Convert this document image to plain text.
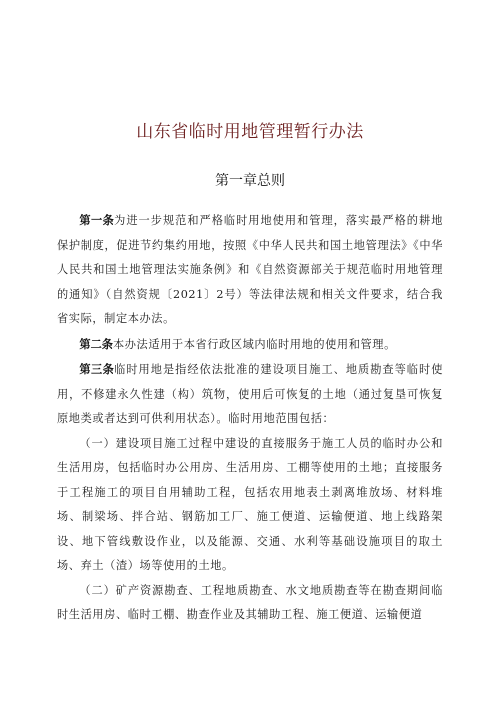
山东省临时用地管理暂行办法
第一章总则

第一条为进一步规范和严格临时用地使用和管理，落实最严格的耕地保护制度，促进节约集约用地，按照《中华人民共和国土地管理法》《中华人民共和国土地管理法实施条例》和《自然资源部关于规范临时用地管理的通知》（自然资规〔2021〕2号）等法律法规和相关文件要求，结合我省实际，制定本办法。

第二条本办法适用于本省行政区域内临时用地的使用和管理。

第三条临时用地是指经依法批准的建设项目施工、地质勘查等临时使用，不修建永久性建（构）筑物，使用后可恢复的土地（通过复垦可恢复原地类或者达到可供利用状态）。临时用地范围包括：

（一）建设项目施工过程中建设的直接服务于施工人员的临时办公和生活用房，包括临时办公用房、生活用房、工棚等使用的土地；直接服务于工程施工的项目自用辅助工程，包括农用地表土剥离堆放场、材料堆场、制梁场、拌合站、钢筋加工厂、施工便道、运输便道、地上线路架设、地下管线敷设作业，以及能源、交通、水利等基础设施项目的取土场、弃土（渣）场等使用的土地。

（二）矿产资源勘查、工程地质勘查、水文地质勘查等在勘查期间临时生活用房、临时工棚、勘查作业及其辅助工程、施工便道、运输便道
